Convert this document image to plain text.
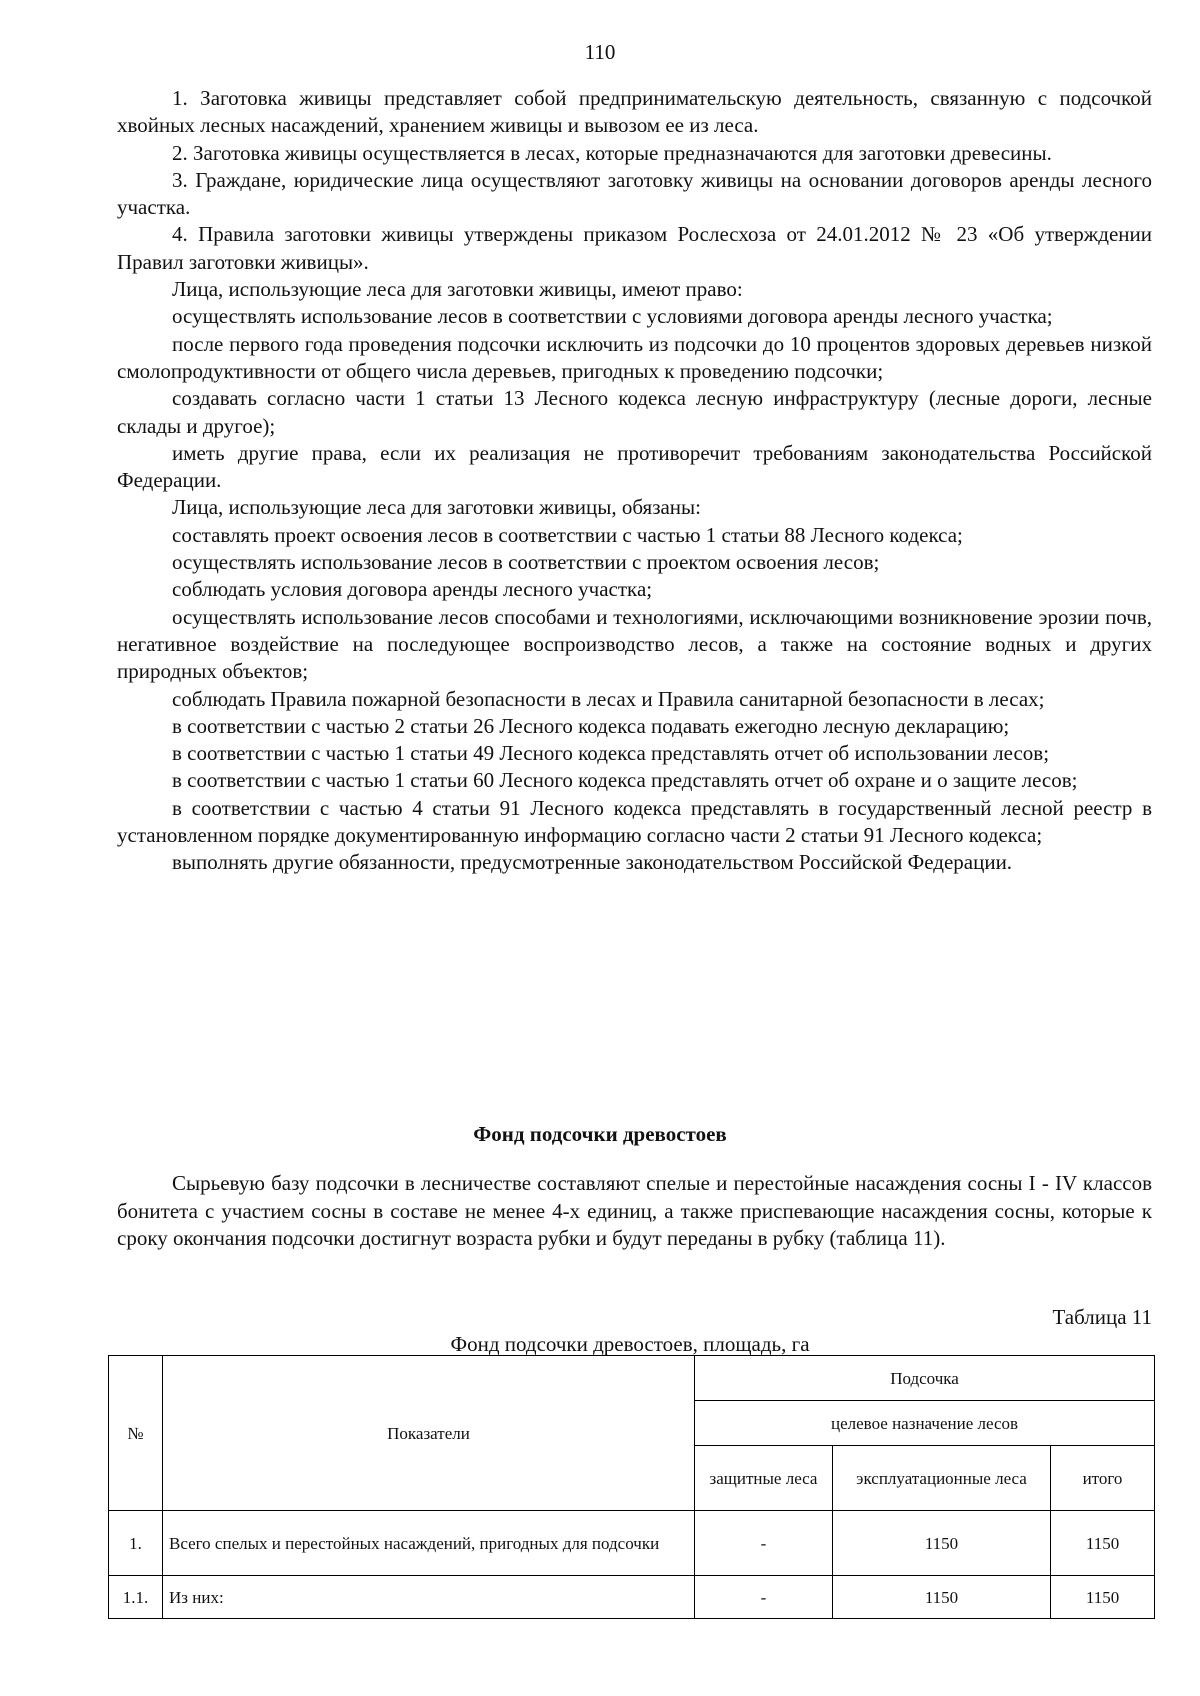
110

1. Заготовка живицы представляет собой предпринимательскую деятельность, связанную с подсочкой хвойных лесных насаждений, хранением живицы и вывозом ее из леса.

2. Заготовка живицы осуществляется в лесах, которые предназначаются для заготовки древесины.

3. Граждане, юридические лица осуществляют заготовку живицы на основании договоров аренды лесного участка.

4. Правила заготовки живицы утверждены приказом Рослесхоза от 24.01.2012 № 23 «Об утверждении Правил заготовки живицы».

Лица, использующие леса для заготовки живицы, имеют право:

осуществлять использование лесов в соответствии с условиями договора аренды лесного участка;

после первого года проведения подсочки исключить из подсочки до 10 процентов здоровых деревьев низкой смолопродуктивности от общего числа деревьев, пригодных к проведению подсочки;

создавать согласно части 1 статьи 13 Лесного кодекса лесную инфраструктуру (лесные дороги, лесные склады и другое);

иметь другие права, если их реализация не противоречит требованиям законодательства Российской Федерации.

Лица, использующие леса для заготовки живицы, обязаны:

составлять проект освоения лесов в соответствии с частью 1 статьи 88 Лесного кодекса;

осуществлять использование лесов в соответствии с проектом освоения лесов;

соблюдать условия договора аренды лесного участка;

осуществлять использование лесов способами и технологиями, исключающими возникновение эрозии почв, негативное воздействие на последующее воспроизводство лесов, а также на состояние водных и других природных объектов;

соблюдать Правила пожарной безопасности в лесах и Правила санитарной безопасности в лесах;

в соответствии с частью 2 статьи 26 Лесного кодекса подавать ежегодно лесную декларацию;

в соответствии с частью 1 статьи 49 Лесного кодекса представлять отчет об использовании лесов;

в соответствии с частью 1 статьи 60 Лесного кодекса представлять отчет об охране и о защите лесов;

в соответствии с частью 4 статьи 91 Лесного кодекса представлять в государственный лесной реестр в установленном порядке документированную информацию согласно части 2 статьи 91 Лесного кодекса;

выполнять другие обязанности, предусмотренные законодательством Российской Федерации.

Фонд подсочки древостоев

Сырьевую базу подсочки в лесничестве составляют спелые и перестойные насаждения сосны I - IV классов бонитета с участием сосны в составе не менее 4-х единиц, а также приспевающие насаждения сосны, которые к сроку окончания подсочки достигнут возраста рубки и будут переданы в рубку (таблица 11).

Таблица 11
Фонд подсочки древостоев, площадь, га
№	Показатели	Подсочка		
		целевое назначение лесов		
		защитные леса	эксплуатационные леса	итого
1.	Всего спелых и перестойных насаждений, пригодных для подсочки	-	1150	1150
1.1.	Из них:	-	1150	1150
